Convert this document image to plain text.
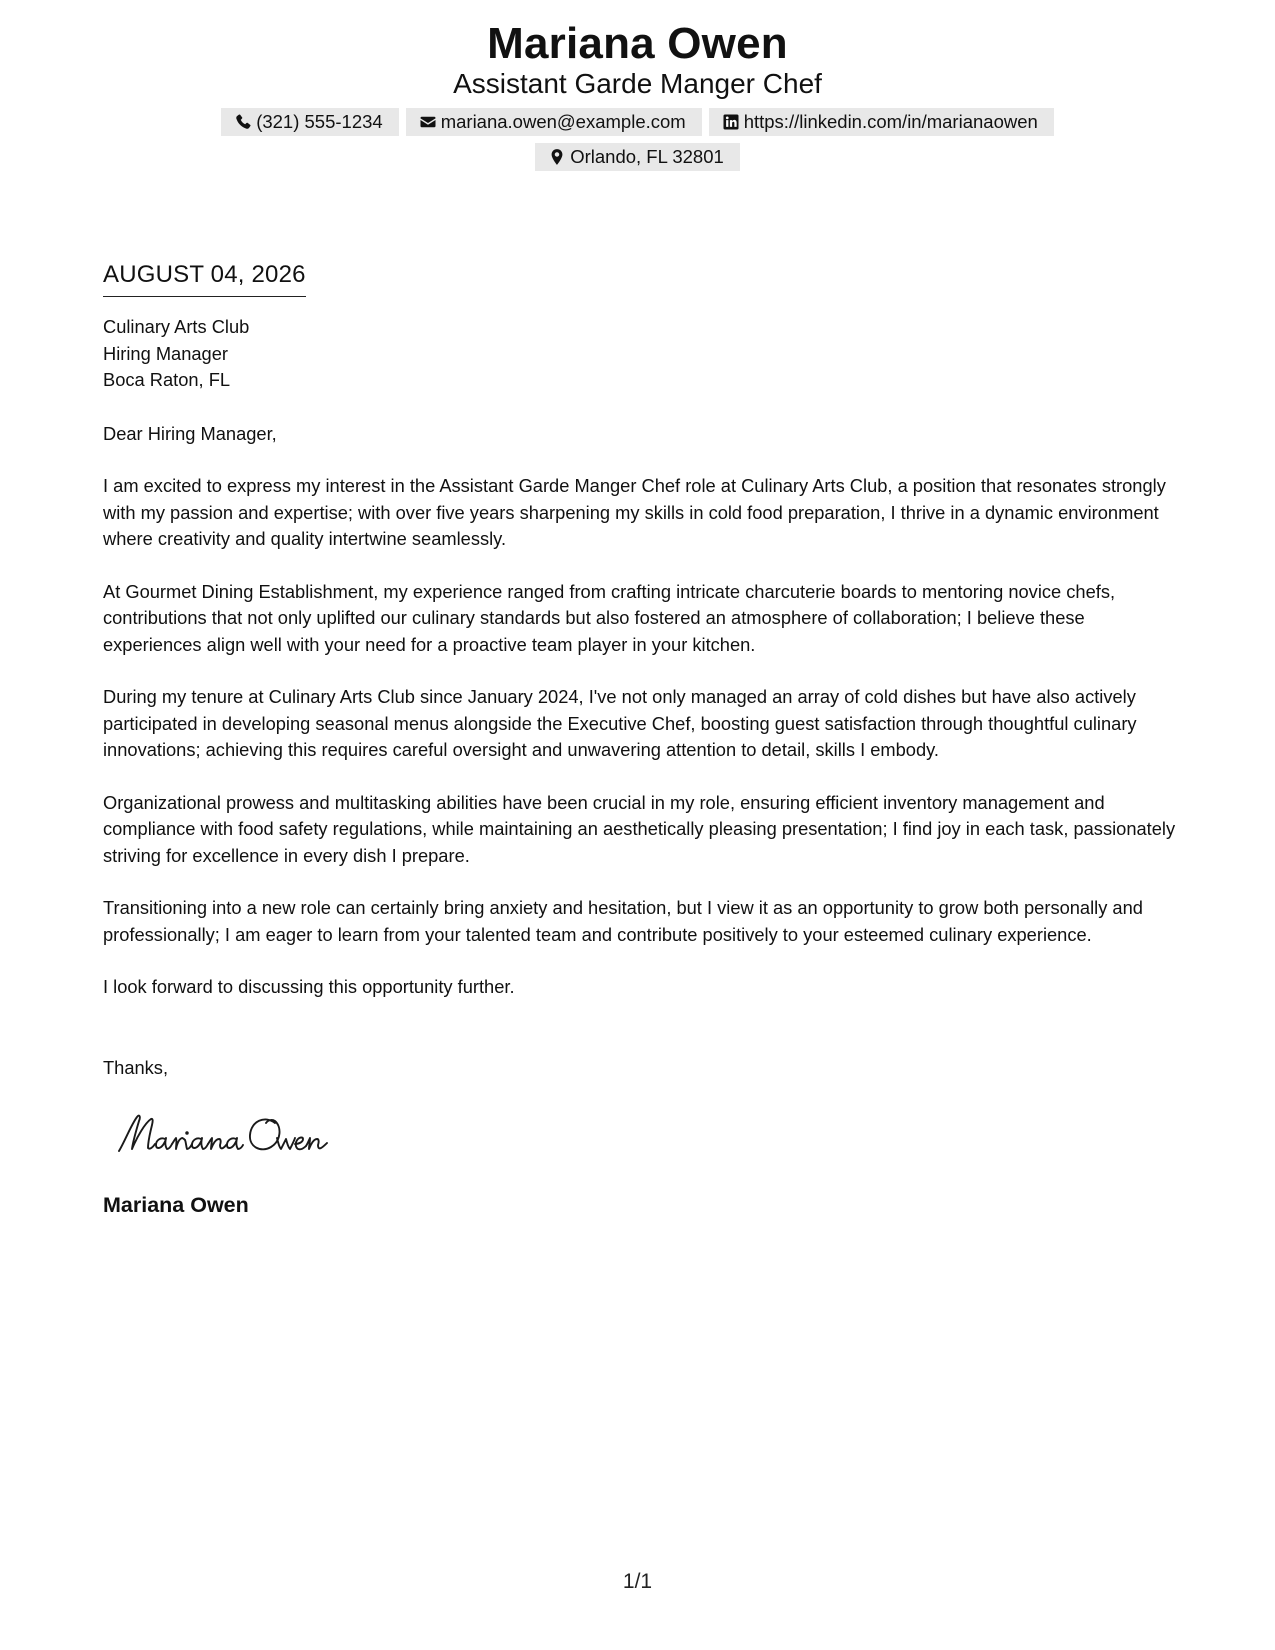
Mariana Owen
Assistant Garde Manger Chef
(321) 555-1234	mariana.owen@example.com	https://linkedin.com/in/marianaowen
Orlando, FL 32801
AUGUST 04, 2026
Culinary Arts Club
Hiring Manager
Boca Raton, FL
Dear Hiring Manager,
I am excited to express my interest in the Assistant Garde Manger Chef role at Culinary Arts Club, a position that resonates strongly with my passion and expertise; with over five years sharpening my skills in cold food preparation, I thrive in a dynamic environment where creativity and quality intertwine seamlessly.
At Gourmet Dining Establishment, my experience ranged from crafting intricate charcuterie boards to mentoring novice chefs, contributions that not only uplifted our culinary standards but also fostered an atmosphere of collaboration; I believe these experiences align well with your need for a proactive team player in your kitchen.
During my tenure at Culinary Arts Club since January 2024, I've not only managed an array of cold dishes but have also actively participated in developing seasonal menus alongside the Executive Chef, boosting guest satisfaction through thoughtful culinary innovations; achieving this requires careful oversight and unwavering attention to detail, skills I embody.
Organizational prowess and multitasking abilities have been crucial in my role, ensuring efficient inventory management and compliance with food safety regulations, while maintaining an aesthetically pleasing presentation; I find joy in each task, passionately striving for excellence in every dish I prepare.
Transitioning into a new role can certainly bring anxiety and hesitation, but I view it as an opportunity to grow both personally and professionally; I am eager to learn from your talented team and contribute positively to your esteemed culinary experience.
I look forward to discussing this opportunity further.
Thanks,
Mariana Owen
1/1
